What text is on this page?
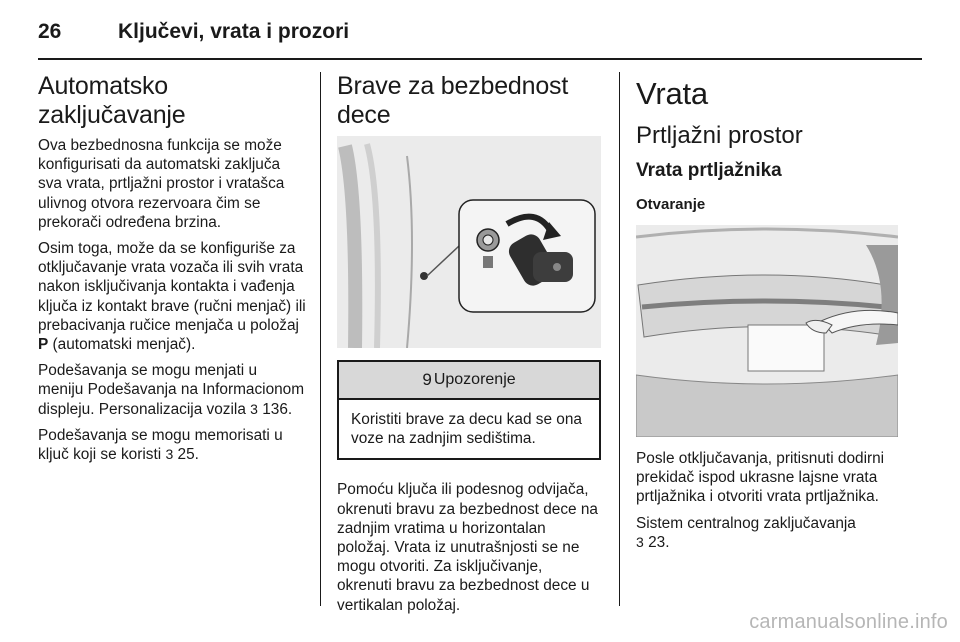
26	Ključevi, vrata i prozori
Automatsko zaključavanje

Ova bezbednosna funkcija se može konfigurisati da automatski zaključa sva vrata, prtljažni prostor i vratašca ulivnog otvora rezervoara čim se prekorači određena brzina.

Osim toga, može da se konfiguriše za otključavanje vrata vozača ili svih vrata nakon isključivanja kontakta i vađenja ključa iz kontakt brave (ručni menjač) ili prebacivanja ručice menjača u položaj P (automatski menjač).

Podešavanja se mogu menjati u meniju Podešavanja na Informacionom displeju. Personalizacija vozila 3 136.

Podešavanja se mogu memorisati u ključ koji se koristi 3 25.

Brave za bezbednost dece
9 Upozorenje
Koristiti brave za decu kad se ona voze na zadnjim sedištima.

Pomoću ključa ili podesnog odvijača, okrenuti bravu za bezbednost dece na zadnjim vratima u horizontalan položaj. Vrata iz unutrašnjosti se ne mogu otvoriti. Za isključivanje, okrenuti bravu za bezbednost dece u vertikalan položaj.

Vrata
Prtljažni prostor
Vrata prtljažnika
Otvaranje

Posle otključavanja, pritisnuti dodirni prekidač ispod ukrasne lajsne vrata prtljažnika i otvoriti vrata prtljažnika.

Sistem centralnog zaključavanja
3 23.

carmanualsonline.info
